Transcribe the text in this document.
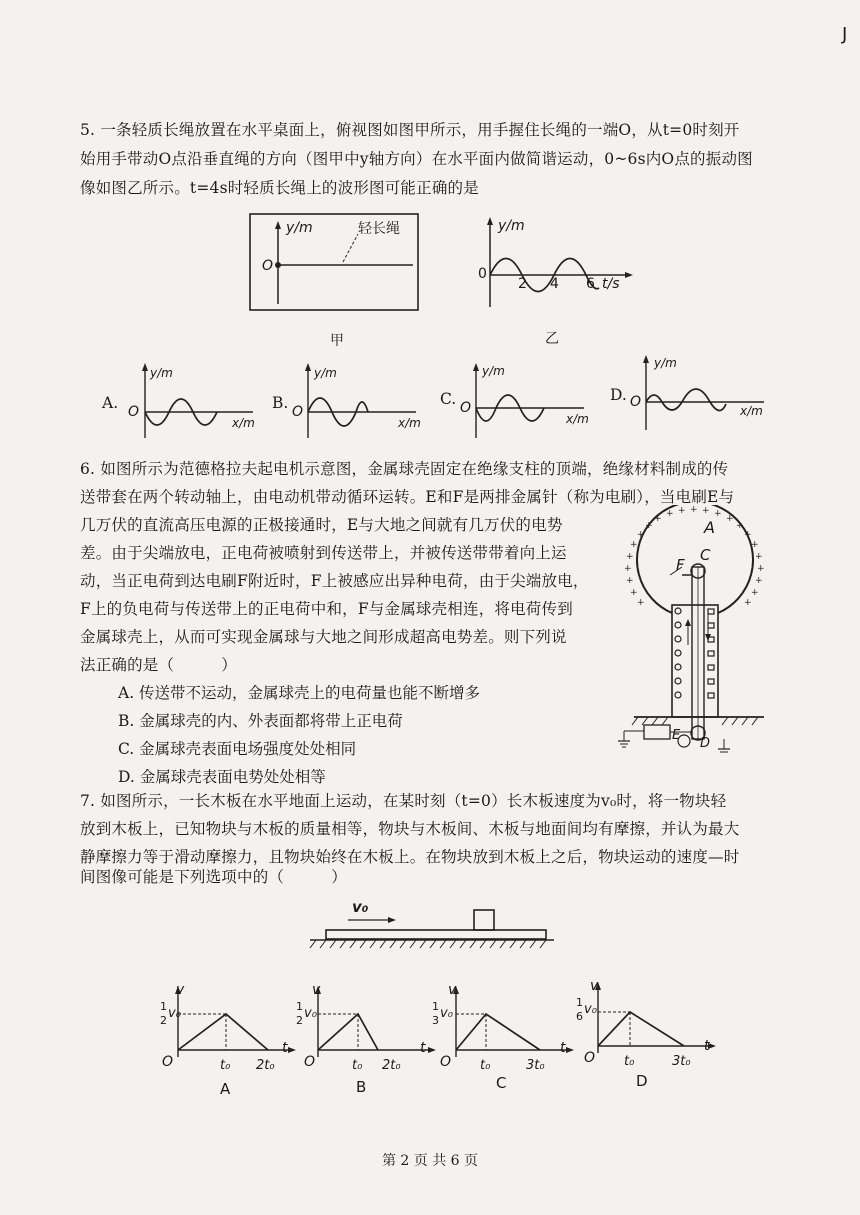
J
5. 一条轻质长绳放置在水平桌面上，俯视图如图甲所示，用手握住长绳的一端O，从t=0时刻开
始用手带动O点沿垂直绳的方向（图甲中y轴方向）在水平面内做简谐运动，0~6s内O点的振动图
像如图乙所示。t=4s时轻质长绳上的波形图可能正确的是
y/m
O
轻长绳
甲
y/m
0
2 4 6 t/s
乙
A.
y/m
O
x/m
B.
y/m
O
x/m
C.
y/m
O
x/m
D.
y/m
O
x/m
6. 如图所示为范德格拉夫起电机示意图，金属球壳固定在绝缘支柱的顶端，绝缘材料制成的传
送带套在两个转动轴上，由电动机带动循环运转。E和F是两排金属针（称为电刷），当电刷E与
几万伏的直流高压电源的正极接通时，E与大地之间就有几万伏的电势
差。由于尖端放电，正电荷被喷射到传送带上，并被传送带带着向上运
动，当正电荷到达电刷F附近时，F上被感应出异种电荷，由于尖端放电，
F上的负电荷与传送带上的正电荷中和，F与金属球壳相连，将电荷传到
金属球壳上，从而可实现金属球与大地之间形成超高电势差。则下列说
法正确的是（　　　）
A. 传送带不运动，金属球壳上的电荷量也能不断增多
B. 金属球壳的内、外表面都将带上正电荷
C. 金属球壳表面电场强度处处相同
D. 金属球壳表面电势处处相等
+ + + + + + +
+
+
+
+
+
+
+
+
+
+
+
+
+
+
+
+
A
C
F
E
D
7. 如图所示，一长木板在水平地面上运动，在某时刻（t=0）长木板速度为v₀时，将一物块轻
放到木板上，已知物块与木板的质量相等，物块与木板间、木板与地面间均有摩擦，并认为最大
静摩擦力等于滑动摩擦力，且物块始终在木板上。在物块放到木板上之后，物块运动的速度—时
间图像可能是下列选项中的（　　　）
v₀
v
1
2 v₀
O	t₀ 2t₀
t
A
v
1
2 v₀
O	t₀ 2t₀
t
B
v
1
3 v₀
O t₀	3t₀
t
C
v
1
6 v₀
O t₀	3t₀
t
D
第 2 页 共 6 页
